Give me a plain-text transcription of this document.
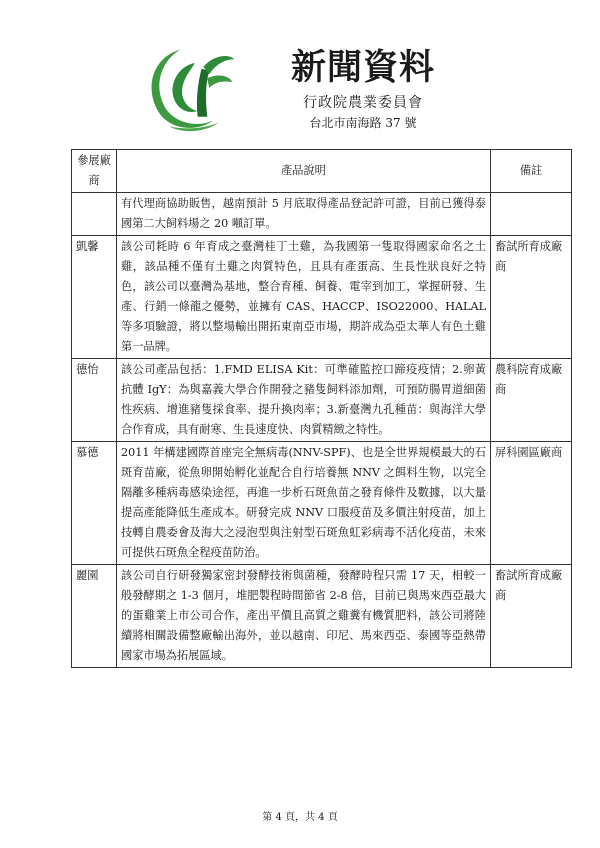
新聞資料
行政院農業委員會
台北市南海路 37 號
參展廠商	產品說明	備註
	有代理商協助販售，越南預計 5 月底取得產品登記許可證，目前已獲得泰國第二大飼料場之 20 噸訂單。	
凱馨	該公司耗時 6 年育成之臺灣桂丁土雞，為我國第一隻取得國家命名之土雞，該品種不僅有土雞之肉質特色，且具有產蛋高、生長性狀良好之特色，該公司以臺灣為基地，整合育種、飼養、電宰到加工，掌握研發、生產、行銷一條龍之優勢，並擁有 CAS、HACCP、ISO22000、HALAL 等多項驗證，將以整場輸出開拓東南亞市場，期許成為亞太華人有色土雞第一品牌。	畜試所育成廠商
德怡	該公司產品包括：1.FMD ELISA Kit：可準確監控口蹄疫疫情；2.卵黃抗體 IgY：為與嘉義大學合作開發之豬隻飼料添加劑，可預防腸胃道細菌性疾病、增進豬隻採食率、提升換肉率；3.新臺灣九孔種苗：與海洋大學合作育成，具有耐寒、生長速度快、肉質精緻之特性。	農科院育成廠商
慕德	2011 年構建國際首座完全無病毒(NNV-SPF)、也是全世界規模最大的石斑育苗廠，從魚卵開始孵化並配合自行培養無 NNV 之餌料生物，以完全隔離多種病毒感染途徑，再進一步析石斑魚苗之發育條件及數據，以大量提高產能降低生產成本。研發完成 NNV 口服疫苗及多價注射疫苗，加上技轉自農委會及海大之浸泡型與注射型石斑魚虹彩病毒不活化疫苗，未來可提供石斑魚全程疫苗防治。	屏科園區廠商
麗園	該公司自行研發獨家密封發酵技術與菌種，發酵時程只需 17 天，相較一般發酵期之 1-3 個月，堆肥製程時間節省 2-8 倍，目前已與馬來西亞最大的蛋雞業上市公司合作，產出平價且高質之雞糞有機質肥料，該公司將陸續將相關設備整廠輸出海外，並以越南、印尼、馬來西亞、泰國等亞熱帶國家市場為拓展區域。	畜試所育成廠商
第 4 頁，共 4 頁
